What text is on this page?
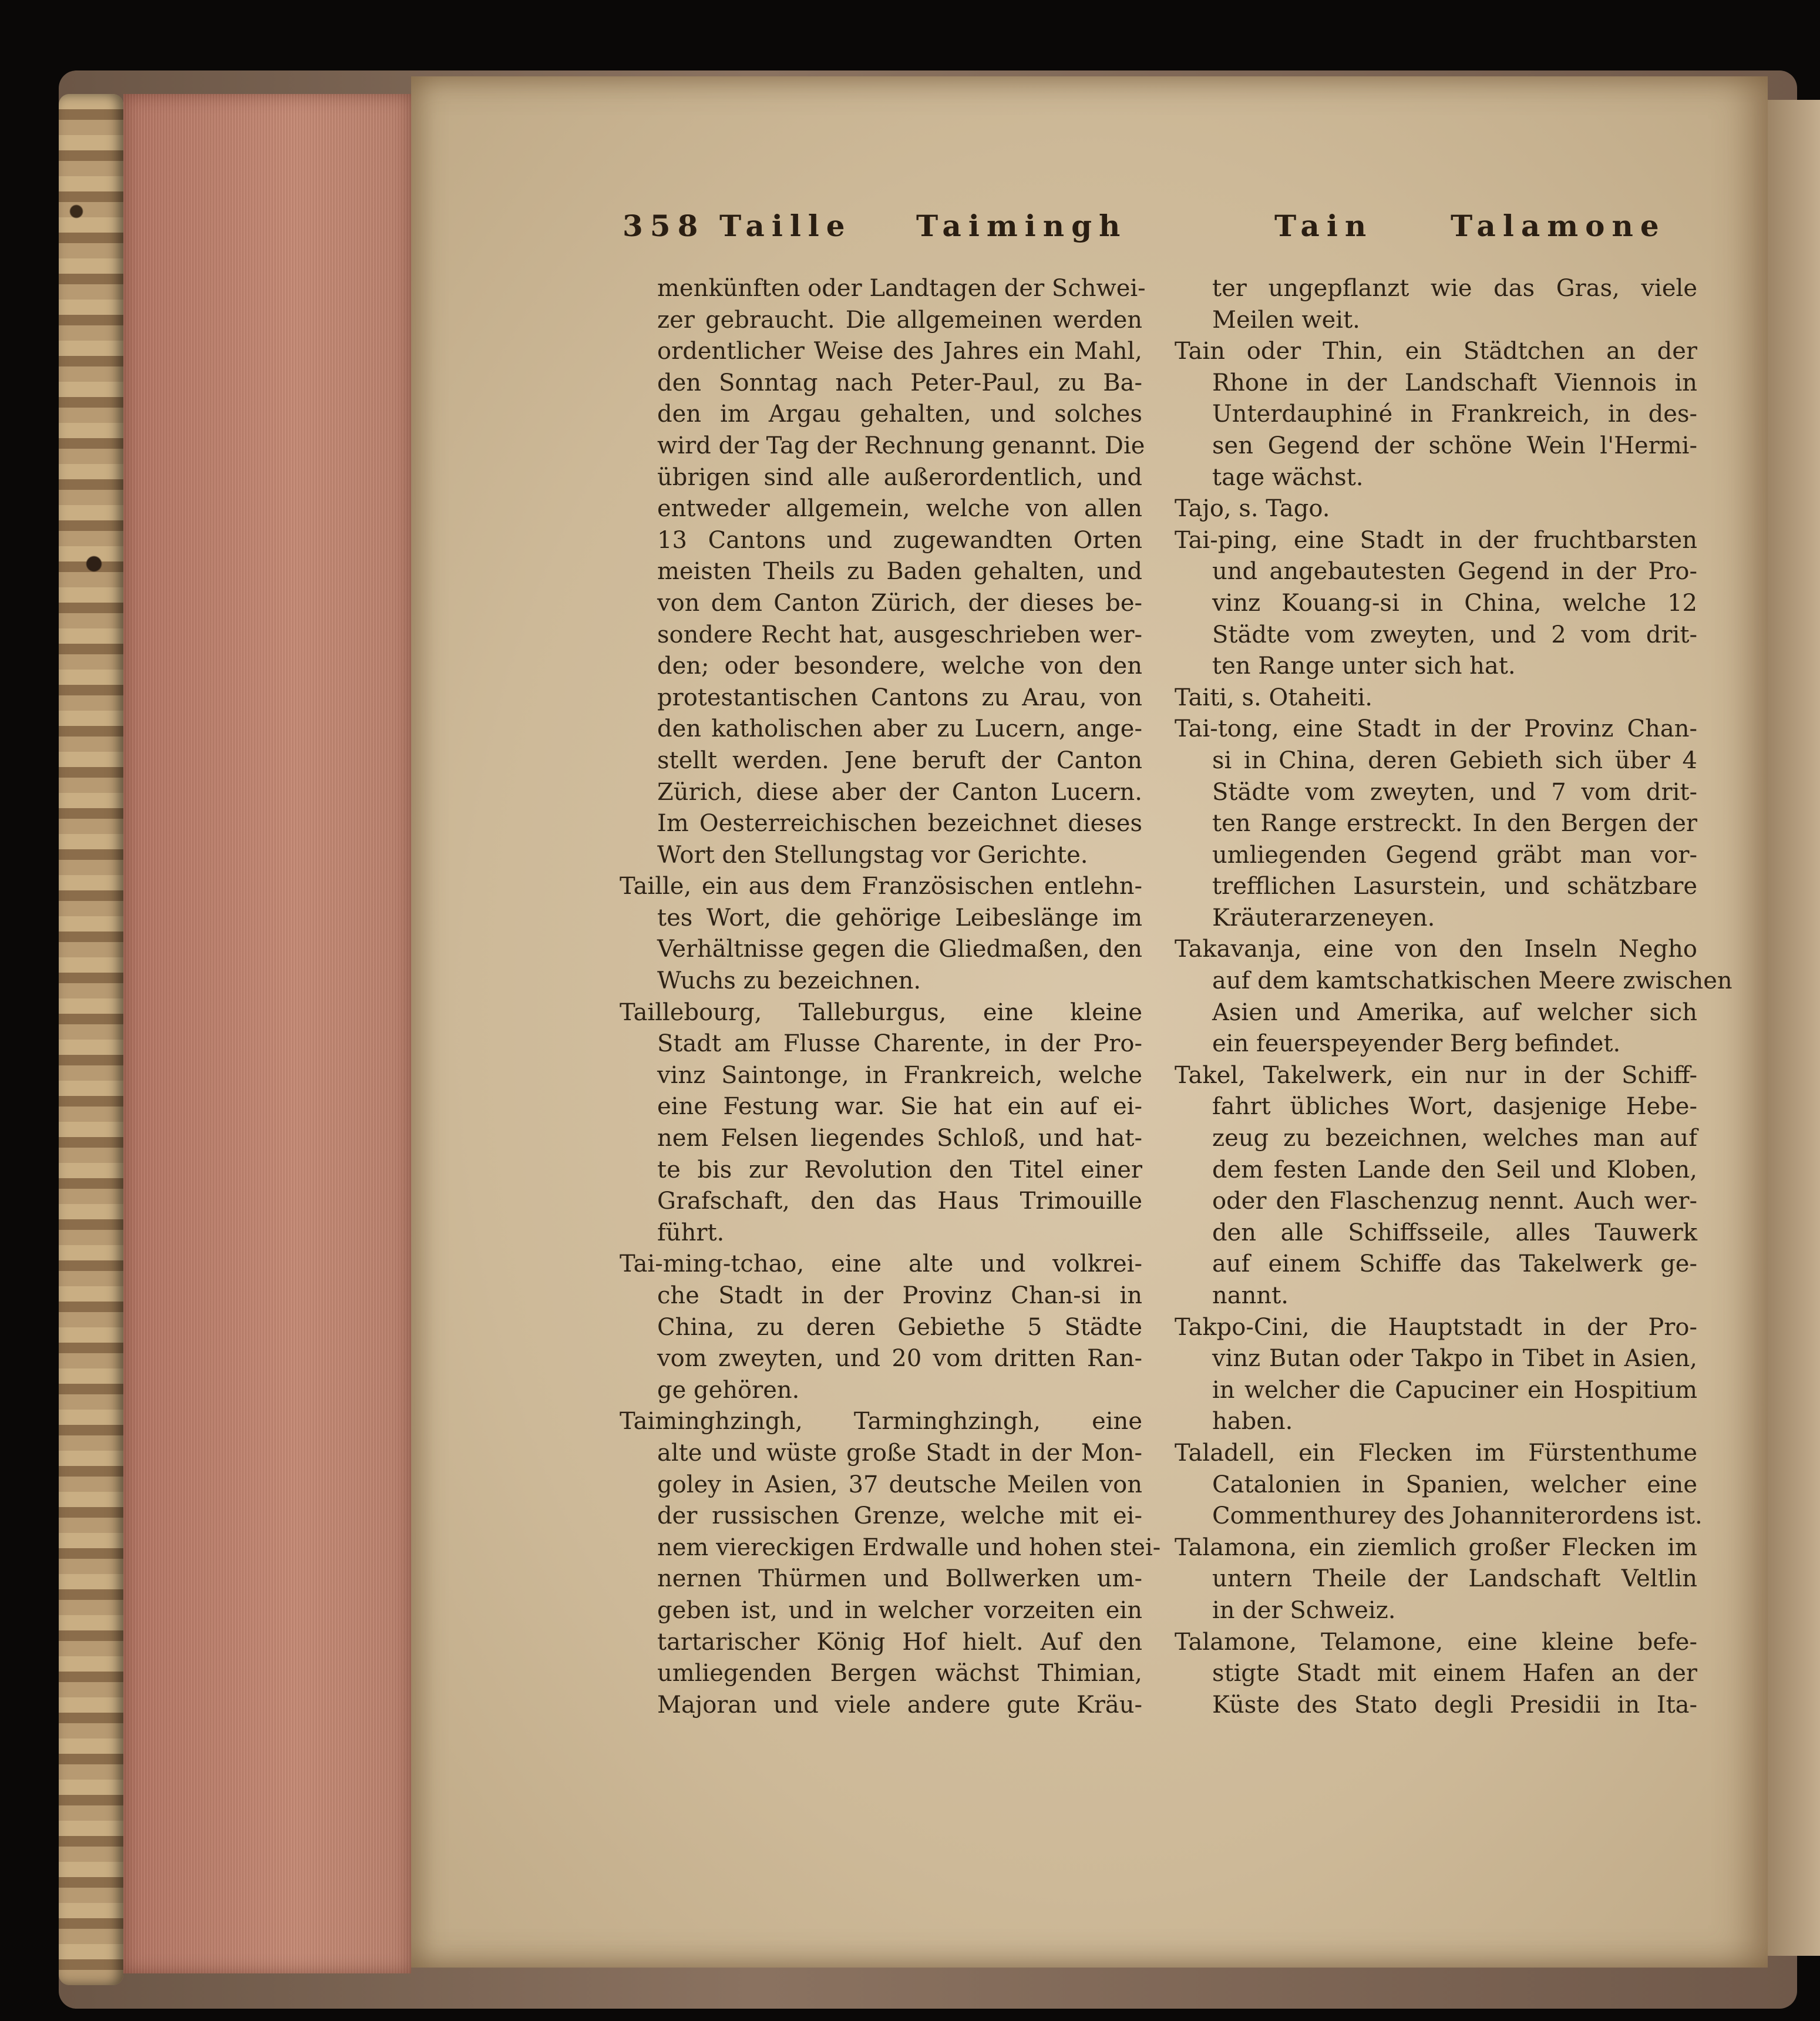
358 Taille Taimingh	Tain	Talamone
menkünften oder Landtagen der Schwei-
zer gebraucht. Die allgemeinen werden
ordentlicher Weise des Jahres ein Mahl,
den Sonntag nach Peter-Paul, zu Ba-
den im Argau gehalten, und solches
wird der Tag der Rechnung genannt. Die
übrigen sind alle außerordentlich, und
entweder allgemein, welche von allen
13 Cantons und zugewandten Orten
meisten Theils zu Baden gehalten, und
von dem Canton Zürich, der dieses be-
sondere Recht hat, ausgeschrieben wer-
den; oder besondere, welche von den
protestantischen Cantons zu Arau, von
den katholischen aber zu Lucern, ange-
stellt werden. Jene beruft der Canton
Zürich, diese aber der Canton Lucern.
Im Oesterreichischen bezeichnet dieses
Wort den Stellungstag vor Gerichte.
Taille, ein aus dem Französischen entlehn-
tes Wort, die gehörige Leibeslänge im
Verhältnisse gegen die Gliedmaßen, den
Wuchs zu bezeichnen.
Taillebourg, Talleburgus, eine kleine
Stadt am Flusse Charente, in der Pro-
vinz Saintonge, in Frankreich, welche
eine Festung war. Sie hat ein auf ei-
nem Felsen liegendes Schloß, und hat-
te bis zur Revolution den Titel einer
Grafschaft, den das Haus Trimouille
führt.
Tai-ming-tchao, eine alte und volkrei-
che Stadt in der Provinz Chan-si in
China, zu deren Gebiethe 5 Städte
vom zweyten, und 20 vom dritten Ran-
ge gehören.
Taiminghzingh, Tarminghzingh, eine
alte und wüste große Stadt in der Mon-
goley in Asien, 37 deutsche Meilen von
der russischen Grenze, welche mit ei-
nem viereckigen Erdwalle und hohen stei-
nernen Thürmen und Bollwerken um-
geben ist, und in welcher vorzeiten ein
tartarischer König Hof hielt. Auf den
umliegenden Bergen wächst Thimian,
Majoran und viele andere gute Kräu-
ter ungepflanzt wie das Gras, viele
Meilen weit.
Tain oder Thin, ein Städtchen an der
Rhone in der Landschaft Viennois in
Unterdauphiné in Frankreich, in des-
sen Gegend der schöne Wein l'Hermi-
tage wächst.
Tajo, s. Tago.
Tai-ping, eine Stadt in der fruchtbarsten
und angebautesten Gegend in der Pro-
vinz Kouang-si in China, welche 12
Städte vom zweyten, und 2 vom drit-
ten Range unter sich hat.
Taiti, s. Otaheiti.
Tai-tong, eine Stadt in der Provinz Chan-
si in China, deren Gebieth sich über 4
Städte vom zweyten, und 7 vom drit-
ten Range erstreckt. In den Bergen der
umliegenden Gegend gräbt man vor-
trefflichen Lasurstein, und schätzbare
Kräuterarzeneyen.
Takavanja, eine von den Inseln Negho
auf dem kamtschatkischen Meere zwischen
Asien und Amerika, auf welcher sich
ein feuerspeyender Berg befindet.
Takel, Takelwerk, ein nur in der Schiff-
fahrt übliches Wort, dasjenige Hebe-
zeug zu bezeichnen, welches man auf
dem festen Lande den Seil und Kloben,
oder den Flaschenzug nennt. Auch wer-
den alle Schiffsseile, alles Tauwerk
auf einem Schiffe das Takelwerk ge-
nannt.
Takpo-Cini, die Hauptstadt in der Pro-
vinz Butan oder Takpo in Tibet in Asien,
in welcher die Capuciner ein Hospitium
haben.
Taladell, ein Flecken im Fürstenthume
Catalonien in Spanien, welcher eine
Commenthurey des Johanniterordens ist.
Talamona, ein ziemlich großer Flecken im
untern Theile der Landschaft Veltlin
in der Schweiz.
Talamone, Telamone, eine kleine befe-
stigte Stadt mit einem Hafen an der
Küste des Stato degli Presidii in Ita-
